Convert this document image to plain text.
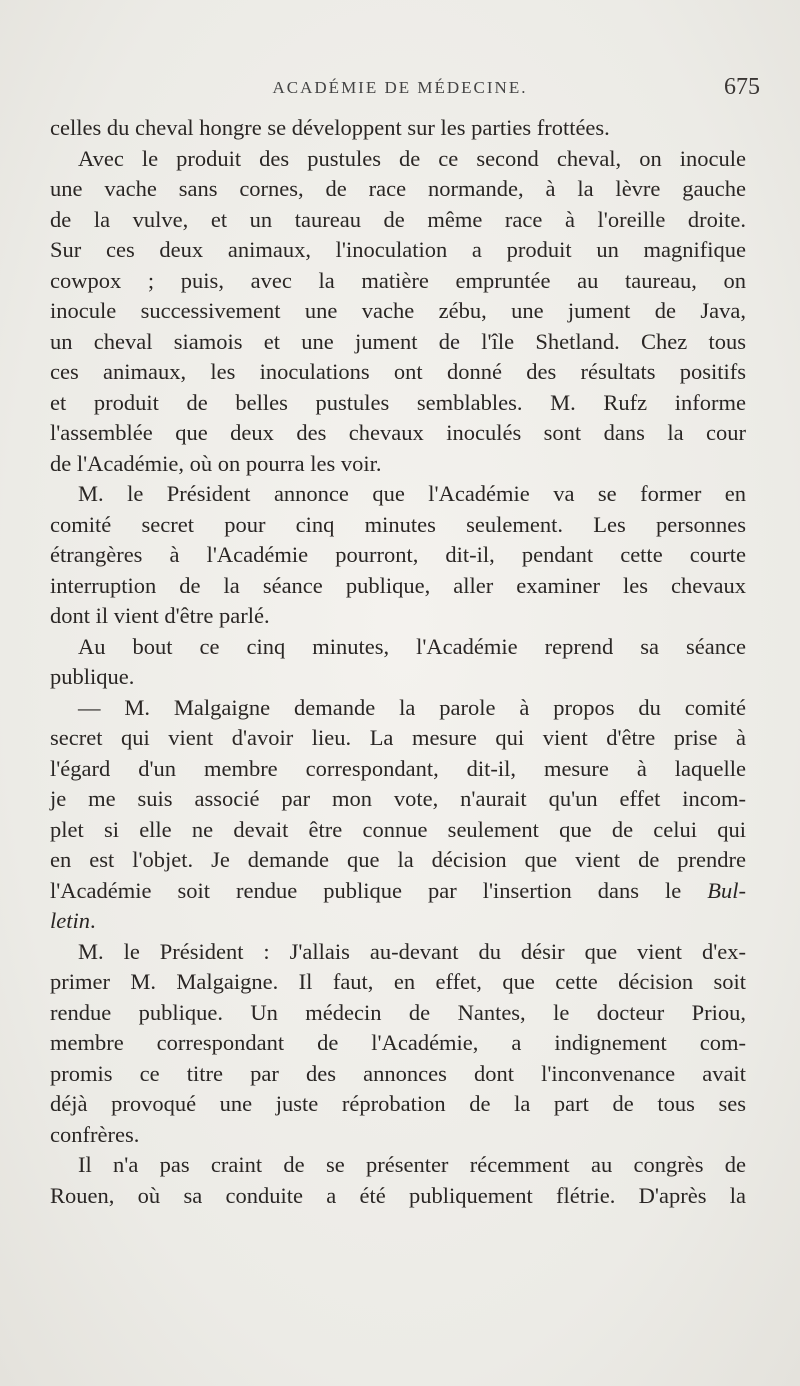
ACADÉMIE DE MÉDECINE.	675

celles du cheval hongre se développent sur les parties frottées.

Avec le produit des pustules de ce second cheval, on inocule
une vache sans cornes, de race normande, à la lèvre gauche
de la vulve, et un taureau de même race à l'oreille droite.
Sur ces deux animaux, l'inoculation a produit un magnifique
cowpox ; puis, avec la matière empruntée au taureau, on
inocule successivement une vache zébu, une jument de Java,
un cheval siamois et une jument de l'île Shetland. Chez tous
ces animaux, les inoculations ont donné des résultats positifs
et produit de belles pustules semblables. M. Rufz informe
l'assemblée que deux des chevaux inoculés sont dans la cour
de l'Académie, où on pourra les voir.

M. le Président annonce que l'Académie va se former en
comité secret pour cinq minutes seulement. Les personnes
étrangères à l'Académie pourront, dit-il, pendant cette courte
interruption de la séance publique, aller examiner les chevaux
dont il vient d'être parlé.

Au bout ce cinq minutes, l'Académie reprend sa séance
publique.

— M. Malgaigne demande la parole à propos du comité
secret qui vient d'avoir lieu. La mesure qui vient d'être prise à
l'égard d'un membre correspondant, dit-il, mesure à laquelle
je me suis associé par mon vote, n'aurait qu'un effet incom-
plet si elle ne devait être connue seulement que de celui qui
en est l'objet. Je demande que la décision que vient de prendre
l'Académie soit rendue publique par l'insertion dans le Bul-
letin.

M. le Président : J'allais au-devant du désir que vient d'ex-
primer M. Malgaigne. Il faut, en effet, que cette décision soit
rendue publique. Un médecin de Nantes, le docteur Priou,
membre correspondant de l'Académie, a indignement com-
promis ce titre par des annonces dont l'inconvenance avait
déjà provoqué une juste réprobation de la part de tous ses
confrères.

Il n'a pas craint de se présenter récemment au congrès de
Rouen, où sa conduite a été publiquement flétrie. D'après la
